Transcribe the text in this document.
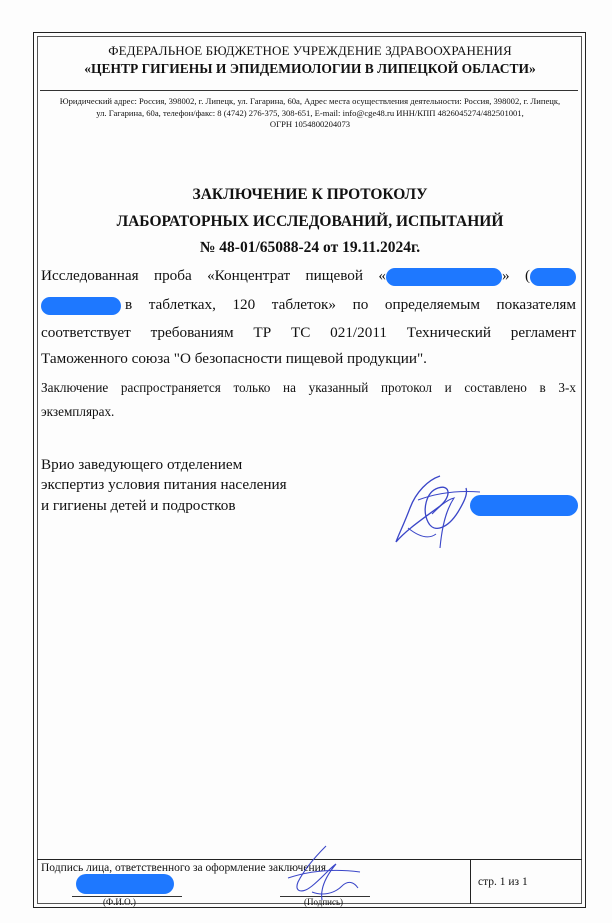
ФЕДЕРАЛЬНОЕ БЮДЖЕТНОЕ УЧРЕЖДЕНИЕ ЗДРАВООХРАНЕНИЯ
«ЦЕНТР ГИГИЕНЫ И ЭПИДЕМИОЛОГИИ В ЛИПЕЦКОЙ ОБЛАСТИ»
Юридический адрес: Россия, 398002, г. Липецк, ул. Гагарина, 60а, Адрес места осуществления деятельности: Россия, 398002, г. Липецк,
ул. Гагарина, 60а, телефон/факс: 8 (4742) 276-375, 308-651, E-mail: info@cge48.ru ИНН/КПП 4826045274/482501001,
ОГРН 1054800204073
ЗАКЛЮЧЕНИЕ К ПРОТОКОЛУ
ЛАБОРАТОРНЫХ ИССЛЕДОВАНИЙ, ИСПЫТАНИЙ
№ 48-01/65088-24 от 19.11.2024г.
Исследованная проба «Концентрат пищевой «	» (
в таблетках, 120 таблеток» по определяемым показателям
соответствует требованиям ТР ТС 021/2011 Технический регламент
Таможенного союза "О безопасности пищевой продукции".
Заключение распространяется только на указанный протокол и составлено в 3-х
экземплярах.
Врио заведующего отделением
экспертиз условия питания населения
и гигиены детей и подростков
Подпись лица, ответственного за оформление заключения
(Ф.И.О.)	(Подпись)
стр. 1 из 1
